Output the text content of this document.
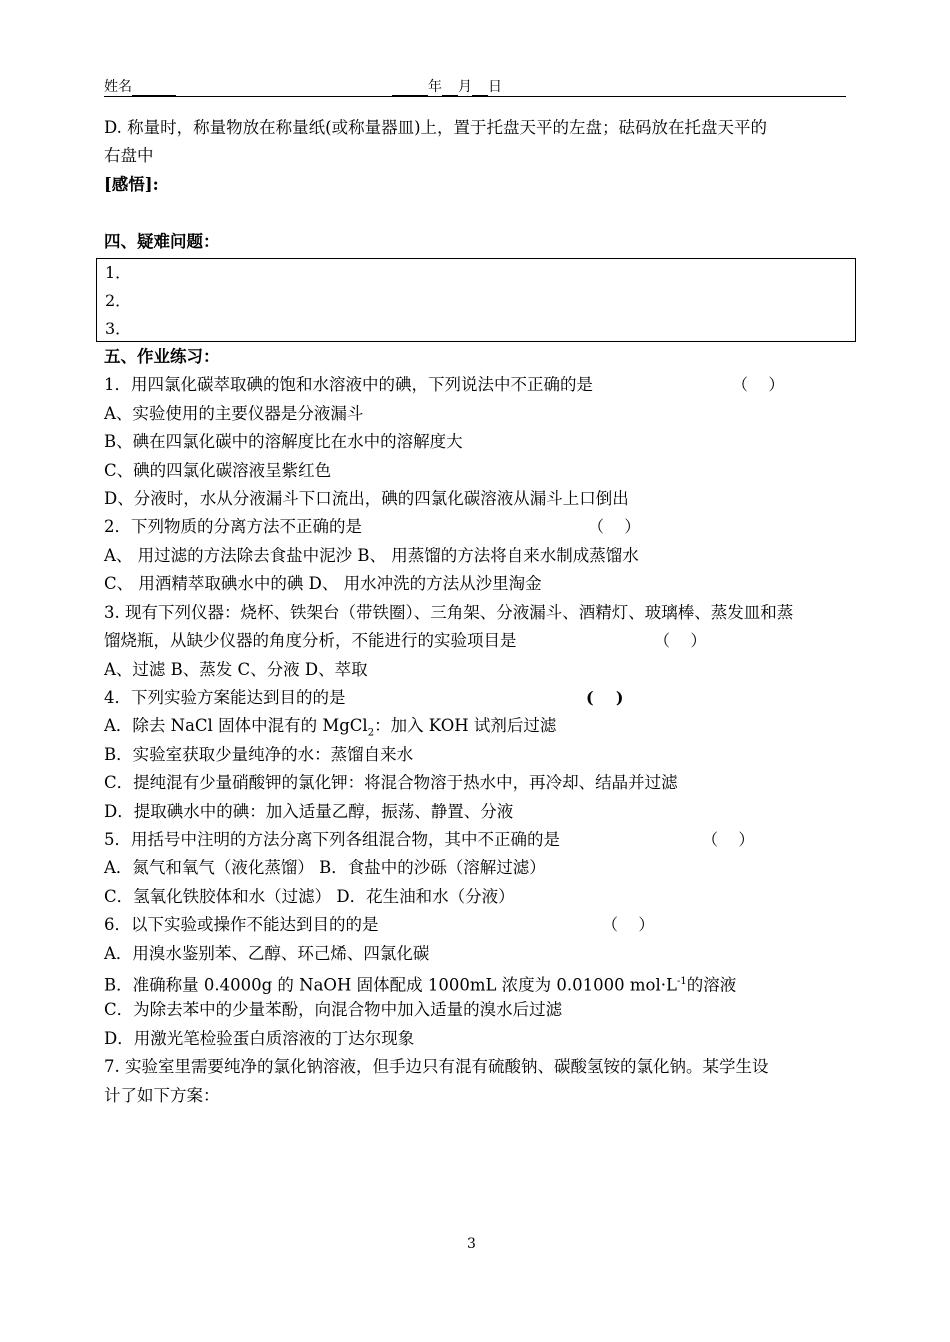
姓名	年 月 日
D. 称量时，称量物放在称量纸(或称量器皿)上，置于托盘天平的左盘；砝码放在托盘天平的
右盘中
[感悟]:
四、疑难问题：
1．
2．
3．
五、作业练习：
1．用四氯化碳萃取碘的饱和水溶液中的碘，下列说法中不正确的是	（    ）
A、实验使用的主要仪器是分液漏斗
B、碘在四氯化碳中的溶解度比在水中的溶解度大
C、碘的四氯化碳溶液呈紫红色
D、分液时，水从分液漏斗下口流出，碘的四氯化碳溶液从漏斗上口倒出
2．下列物质的分离方法不正确的是	（    ）
A、 用过滤的方法除去食盐中泥沙 B、 用蒸馏的方法将自来水制成蒸馏水
C、 用酒精萃取碘水中的碘 D、 用水冲洗的方法从沙里淘金
3. 现有下列仪器：烧杯、铁架台（带铁圈）、三角架、分液漏斗、酒精灯、玻璃棒、蒸发皿和蒸
馏烧瓶，从缺少仪器的角度分析，不能进行的实验项目是	（    ）
A、过滤 B、蒸发 C、分液 D、萃取
4．下列实验方案能达到目的的是	(    )
A．除去 NaCl 固体中混有的 MgCl$_2$：加入 KOH 试剂后过滤
B．实验室获取少量纯净的水：蒸馏自来水
C．提纯混有少量硝酸钾的氯化钾：将混合物溶于热水中，再冷却、结晶并过滤
D．提取碘水中的碘：加入适量乙醇，振荡、静置、分液
5．用括号中注明的方法分离下列各组混合物，其中不正确的是	（    ）
A．氮气和氧气（液化蒸馏） B．食盐中的沙砾（溶解过滤）
C．氢氧化铁胶体和水（过滤） D．花生油和水（分液）
6．以下实验或操作不能达到目的的是	（    ）
A．用溴水鉴别苯、乙醇、环己烯、四氯化碳
B．准确称量 0.4000g 的 NaOH 固体配成 1000mL 浓度为 0.01000 $mol\cdot L^{-1}$的溶液
C．为除去苯中的少量苯酚，向混合物中加入适量的溴水后过滤
D．用激光笔检验蛋白质溶液的丁达尔现象
7. 实验室里需要纯净的氯化钠溶液，但手边只有混有硫酸钠、碳酸氢铵的氯化钠。某学生设
计了如下方案：
3
